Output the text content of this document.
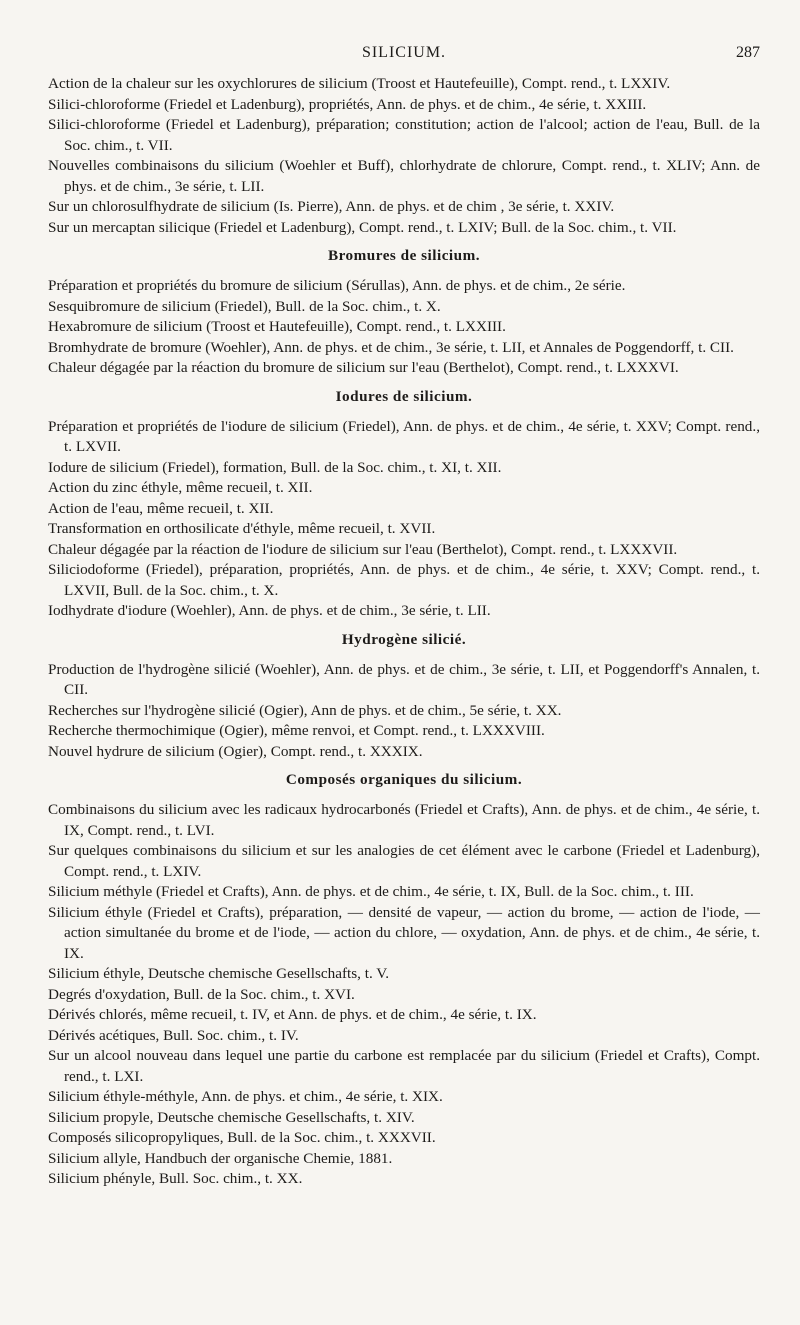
SILICIUM.	287

Action de la chaleur sur les oxychlorures de silicium (Troost et Hautefeuille), Compt. rend., t. LXXIV.

Silici-chloroforme (Friedel et Ladenburg), propriétés, Ann. de phys. et de chim., 4e série, t. XXIII.

Silici-chloroforme (Friedel et Ladenburg), préparation; constitution; action de l'alcool; action de l'eau, Bull. de la Soc. chim., t. VII.

Nouvelles combinaisons du silicium (Woehler et Buff), chlorhydrate de chlorure, Compt. rend., t. XLIV; Ann. de phys. et de chim., 3e série, t. LII.

Sur un chlorosulfhydrate de silicium (Is. Pierre), Ann. de phys. et de chim , 3e série, t. XXIV.

Sur un mercaptan silicique (Friedel et Ladenburg), Compt. rend., t. LXIV; Bull. de la Soc. chim., t. VII.

Bromures de silicium.

Préparation et propriétés du bromure de silicium (Sérullas), Ann. de phys. et de chim., 2e série.

Sesquibromure de silicium (Friedel), Bull. de la Soc. chim., t. X.

Hexabromure de silicium (Troost et Hautefeuille), Compt. rend., t. LXXIII.

Bromhydrate de bromure (Woehler), Ann. de phys. et de chim., 3e série, t. LII, et Annales de Poggendorff, t. CII.

Chaleur dégagée par la réaction du bromure de silicium sur l'eau (Berthelot), Compt. rend., t. LXXXVI.

Iodures de silicium.

Préparation et propriétés de l'iodure de silicium (Friedel), Ann. de phys. et de chim., 4e série, t. XXV; Compt. rend., t. LXVII.

Iodure de silicium (Friedel), formation, Bull. de la Soc. chim., t. XI, t. XII.

Action du zinc éthyle, même recueil, t. XII.

Action de l'eau, même recueil, t. XII.

Transformation en orthosilicate d'éthyle, même recueil, t. XVII.

Chaleur dégagée par la réaction de l'iodure de silicium sur l'eau (Berthelot), Compt. rend., t. LXXXVII.

Siliciodoforme (Friedel), préparation, propriétés, Ann. de phys. et de chim., 4e série, t. XXV; Compt. rend., t. LXVII, Bull. de la Soc. chim., t. X.

Iodhydrate d'iodure (Woehler), Ann. de phys. et de chim., 3e série, t. LII.

Hydrogène silicié.

Production de l'hydrogène silicié (Woehler), Ann. de phys. et de chim., 3e série, t. LII, et Poggendorff's Annalen, t. CII.

Recherches sur l'hydrogène silicié (Ogier), Ann de phys. et de chim., 5e série, t. XX.

Recherche thermochimique (Ogier), même renvoi, et Compt. rend., t. LXXXVIII.

Nouvel hydrure de silicium (Ogier), Compt. rend., t. XXXIX.

Composés organiques du silicium.

Combinaisons du silicium avec les radicaux hydrocarbonés (Friedel et Crafts), Ann. de phys. et de chim., 4e série, t. IX, Compt. rend., t. LVI.

Sur quelques combinaisons du silicium et sur les analogies de cet élément avec le carbone (Friedel et Ladenburg), Compt. rend., t. LXIV.

Silicium méthyle (Friedel et Crafts), Ann. de phys. et de chim., 4e série, t. IX, Bull. de la Soc. chim., t. III.

Silicium éthyle (Friedel et Crafts), préparation, — densité de vapeur, — action du brome, — action de l'iode, — action simultanée du brome et de l'iode, — action du chlore, — oxydation, Ann. de phys. et de chim., 4e série, t. IX.

Silicium éthyle, Deutsche chemische Gesellschafts, t. V.

Degrés d'oxydation, Bull. de la Soc. chim., t. XVI.

Dérivés chlorés, même recueil, t. IV, et Ann. de phys. et de chim., 4e série, t. IX.

Dérivés acétiques, Bull. Soc. chim., t. IV.

Sur un alcool nouveau dans lequel une partie du carbone est remplacée par du silicium (Friedel et Crafts), Compt. rend., t. LXI.

Silicium éthyle-méthyle, Ann. de phys. et chim., 4e série, t. XIX.

Silicium propyle, Deutsche chemische Gesellschafts, t. XIV.

Composés silicopropyliques, Bull. de la Soc. chim., t. XXXVII.

Silicium allyle, Handbuch der organische Chemie, 1881.

Silicium phényle, Bull. Soc. chim., t. XX.
